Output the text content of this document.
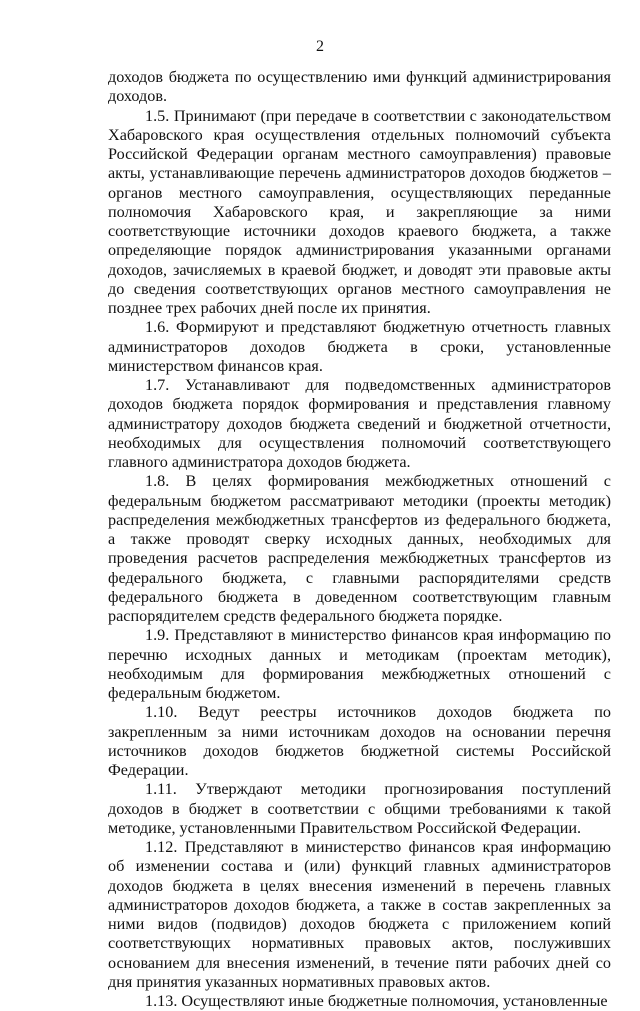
2

доходов бюджета по осуществлению ими функций администрирования доходов.

1.5. Принимают (при передаче в соответствии с законодательством Хабаровского края осуществления отдельных полномочий субъекта Российской Федерации органам местного самоуправления) правовые акты, устанавливающие перечень администраторов доходов бюджетов – органов местного самоуправления, осуществляющих переданные полномочия Хабаровского края, и закрепляющие за ними соответствующие источники доходов краевого бюджета, а также определяющие порядок администрирования указанными органами доходов, зачисляемых в краевой бюджет, и доводят эти правовые акты до сведения соответствующих органов местного самоуправления не позднее трех рабочих дней после их принятия.

1.6. Формируют и представляют бюджетную отчетность главных администраторов доходов бюджета в сроки, установленные министерством финансов края.

1.7. Устанавливают для подведомственных администраторов доходов бюджета порядок формирования и представления главному администратору доходов бюджета сведений и бюджетной отчетности, необходимых для осуществления полномочий соответствующего главного администратора доходов бюджета.

1.8. В целях формирования межбюджетных отношений с федеральным бюджетом рассматривают методики (проекты методик) распределения межбюджетных трансфертов из федерального бюджета, а также проводят сверку исходных данных, необходимых для проведения расчетов распределения межбюджетных трансфертов из федерального бюджета, с главными распорядителями средств федерального бюджета в доведенном соответствующим главным распорядителем средств федерального бюджета порядке.

1.9. Представляют в министерство финансов края информацию по перечню исходных данных и методикам (проектам методик), необходимым для формирования межбюджетных отношений с федеральным бюджетом.

1.10. Ведут реестры источников доходов бюджета по закрепленным за ними источникам доходов на основании перечня источников доходов бюджетов бюджетной системы Российской Федерации.

1.11. Утверждают методики прогнозирования поступлений доходов в бюджет в соответствии с общими требованиями к такой методике, установленными Правительством Российской Федерации.

1.12. Представляют в министерство финансов края информацию об изменении состава и (или) функций главных администраторов доходов бюджета в целях внесения изменений в перечень главных администраторов доходов бюджета, а также в состав закрепленных за ними видов (подвидов) доходов бюджета с приложением копий соответствующих нормативных правовых актов, послуживших основанием для внесения изменений, в течение пяти рабочих дней со дня принятия указанных нормативных правовых актов.

1.13. Осуществляют иные бюджетные полномочия, установленные
